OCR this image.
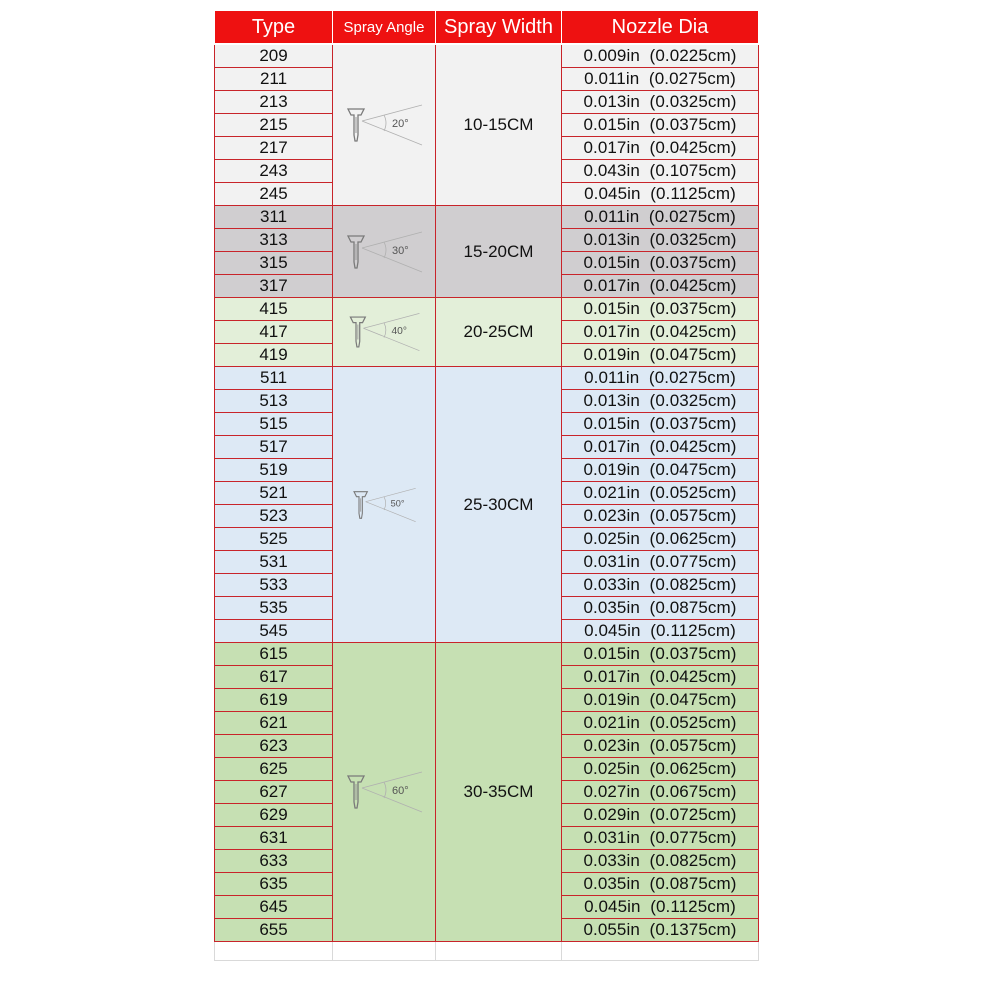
Type	Spray Angle	Spray Width	Nozzle Dia
209	20°	10-15CM	0.009in  (0.0225cm)
211			0.011in  (0.0275cm)
213			0.013in  (0.0325cm)
215			0.015in  (0.0375cm)
217			0.017in  (0.0425cm)
243			0.043in  (0.1075cm)
245			0.045in  (0.1125cm)
311	30°	15-20CM	0.011in  (0.0275cm)
313			0.013in  (0.0325cm)
315			0.015in  (0.0375cm)
317			0.017in  (0.0425cm)
415	40°	20-25CM	0.015in  (0.0375cm)
417			0.017in  (0.0425cm)
419			0.019in  (0.0475cm)
511	50°	25-30CM	0.011in  (0.0275cm)
513			0.013in  (0.0325cm)
515			0.015in  (0.0375cm)
517			0.017in  (0.0425cm)
519			0.019in  (0.0475cm)
521			0.021in  (0.0525cm)
523			0.023in  (0.0575cm)
525			0.025in  (0.0625cm)
531			0.031in  (0.0775cm)
533			0.033in  (0.0825cm)
535			0.035in  (0.0875cm)
545			0.045in  (0.1125cm)
615	60°	30-35CM	0.015in  (0.0375cm)
617			0.017in  (0.0425cm)
619			0.019in  (0.0475cm)
621			0.021in  (0.0525cm)
623			0.023in  (0.0575cm)
625			0.025in  (0.0625cm)
627			0.027in  (0.0675cm)
629			0.029in  (0.0725cm)
631			0.031in  (0.0775cm)
633			0.033in  (0.0825cm)
635			0.035in  (0.0875cm)
645			0.045in  (0.1125cm)
655			0.055in  (0.1375cm)
